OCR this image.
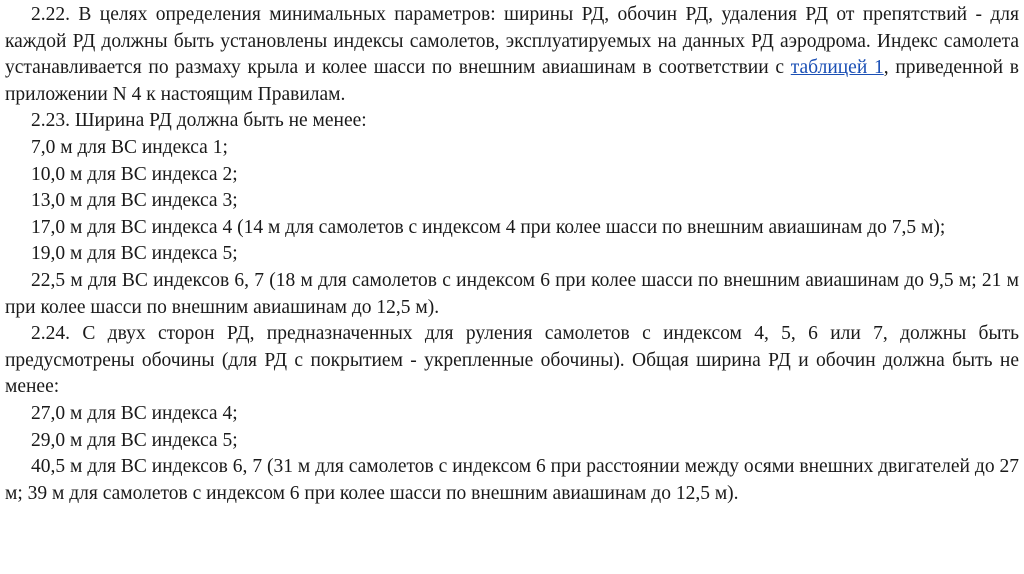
2.22. В целях определения минимальных параметров: ширины РД, обочин РД, удаления РД от препятствий - для каждой РД должны быть установлены индексы самолетов, эксплуатируемых на данных РД аэродрома. Индекс самолета устанавливается по размаху крыла и колее шасси по внешним авиашинам в соответствии с таблицей 1, приведенной в приложении N 4 к настоящим Правилам.

2.23. Ширина РД должна быть не менее:

7,0 м для ВС индекса 1;

10,0 м для ВС индекса 2;

13,0 м для ВС индекса 3;

17,0 м для ВС индекса 4 (14 м для самолетов с индексом 4 при колее шасси по внешним авиашинам до 7,5 м);

19,0 м для ВС индекса 5;

22,5 м для ВС индексов 6, 7 (18 м для самолетов с индексом 6 при колее шасси по внешним авиашинам до 9,5 м; 21 м при колее шасси по внешним авиашинам до 12,5 м).

2.24. С двух сторон РД, предназначенных для руления самолетов с индексом 4, 5, 6 или 7, должны быть предусмотрены обочины (для РД с покрытием - укрепленные обочины). Общая ширина РД и обочин должна быть не менее:

27,0 м для ВС индекса 4;

29,0 м для ВС индекса 5;

40,5 м для ВС индексов 6, 7 (31 м для самолетов с индексом 6 при расстоянии между осями внешних двигателей до 27 м; 39 м для самолетов с индексом 6 при колее шасси по внешним авиашинам до 12,5 м).
